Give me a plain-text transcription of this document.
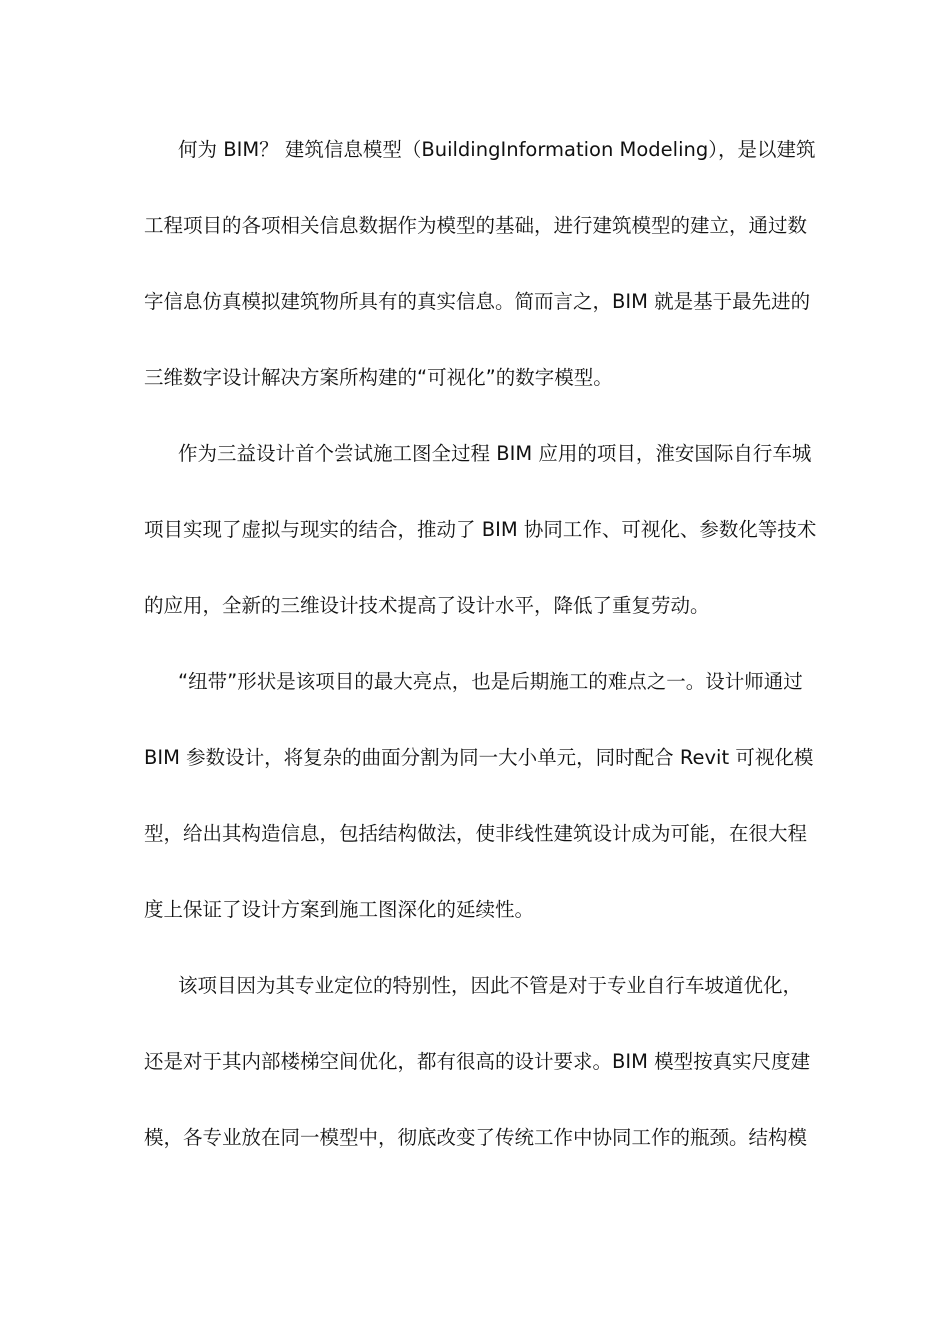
何为 BIM？ 建筑信息模型（BuildingInformation Modeling），是以建筑
工程项目的各项相关信息数据作为模型的基础，进行建筑模型的建立，通过数
字信息仿真模拟建筑物所具有的真实信息。简而言之，BIM 就是基于最先进的
三维数字设计解决方案所构建的“可视化”的数字模型。
作为三益设计首个尝试施工图全过程 BIM 应用的项目，淮安国际自行车城
项目实现了虚拟与现实的结合，推动了 BIM 协同工作、可视化、参数化等技术
的应用，全新的三维设计技术提高了设计水平，降低了重复劳动。
“纽带”形状是该项目的最大亮点，也是后期施工的难点之一。设计师通过
BIM 参数设计，将复杂的曲面分割为同一大小单元，同时配合 Revit 可视化模
型，给出其构造信息，包括结构做法，使非线性建筑设计成为可能，在很大程
度上保证了设计方案到施工图深化的延续性。
该项目因为其专业定位的特别性，因此不管是对于专业自行车坡道优化，
还是对于其内部楼梯空间优化，都有很高的设计要求。BIM 模型按真实尺度建
模，各专业放在同一模型中，彻底改变了传统工作中协同工作的瓶颈。结构模
